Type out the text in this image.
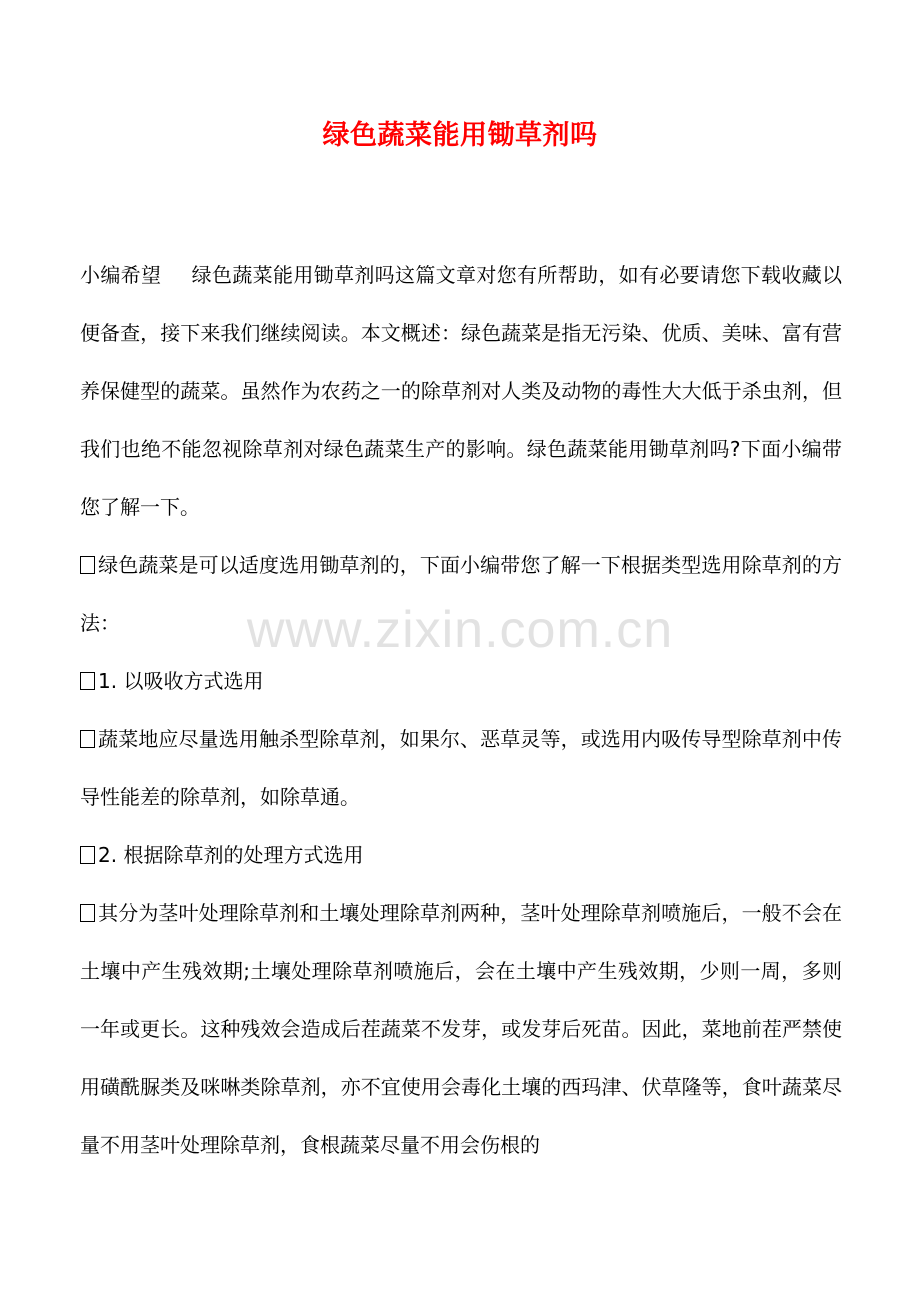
www.zixin.com.cn
绿色蔬菜能用锄草剂吗

小编希望 绿色蔬菜能用锄草剂吗这篇文章对您有所帮助，如有必要请您下载收藏以便备查，接下来我们继续阅读。本文概述：绿色蔬菜是指无污染、优质、美味、富有营养保健型的蔬菜。虽然作为农药之一的除草剂对人类及动物的毒性大大低于杀虫剂，但我们也绝不能忽视除草剂对绿色蔬菜生产的影响。绿色蔬菜能用锄草剂吗?下面小编带您了解一下。

绿色蔬菜是可以适度选用锄草剂的，下面小编带您了解一下根据类型选用除草剂的方法：

1. 以吸收方式选用

蔬菜地应尽量选用触杀型除草剂，如果尔、恶草灵等，或选用内吸传导型除草剂中传导性能差的除草剂，如除草通。

2. 根据除草剂的处理方式选用

其分为茎叶处理除草剂和土壤处理除草剂两种，茎叶处理除草剂喷施后，一般不会在土壤中产生残效期;土壤处理除草剂喷施后，会在土壤中产生残效期，少则一周，多则一年或更长。这种残效会造成后茬蔬菜不发芽，或发芽后死苗。因此，菜地前茬严禁使用磺酰脲类及咪啉类除草剂，亦不宜使用会毒化土壤的西玛津、伏草隆等，食叶蔬菜尽量不用茎叶处理除草剂，食根蔬菜尽量不用会伤根的
